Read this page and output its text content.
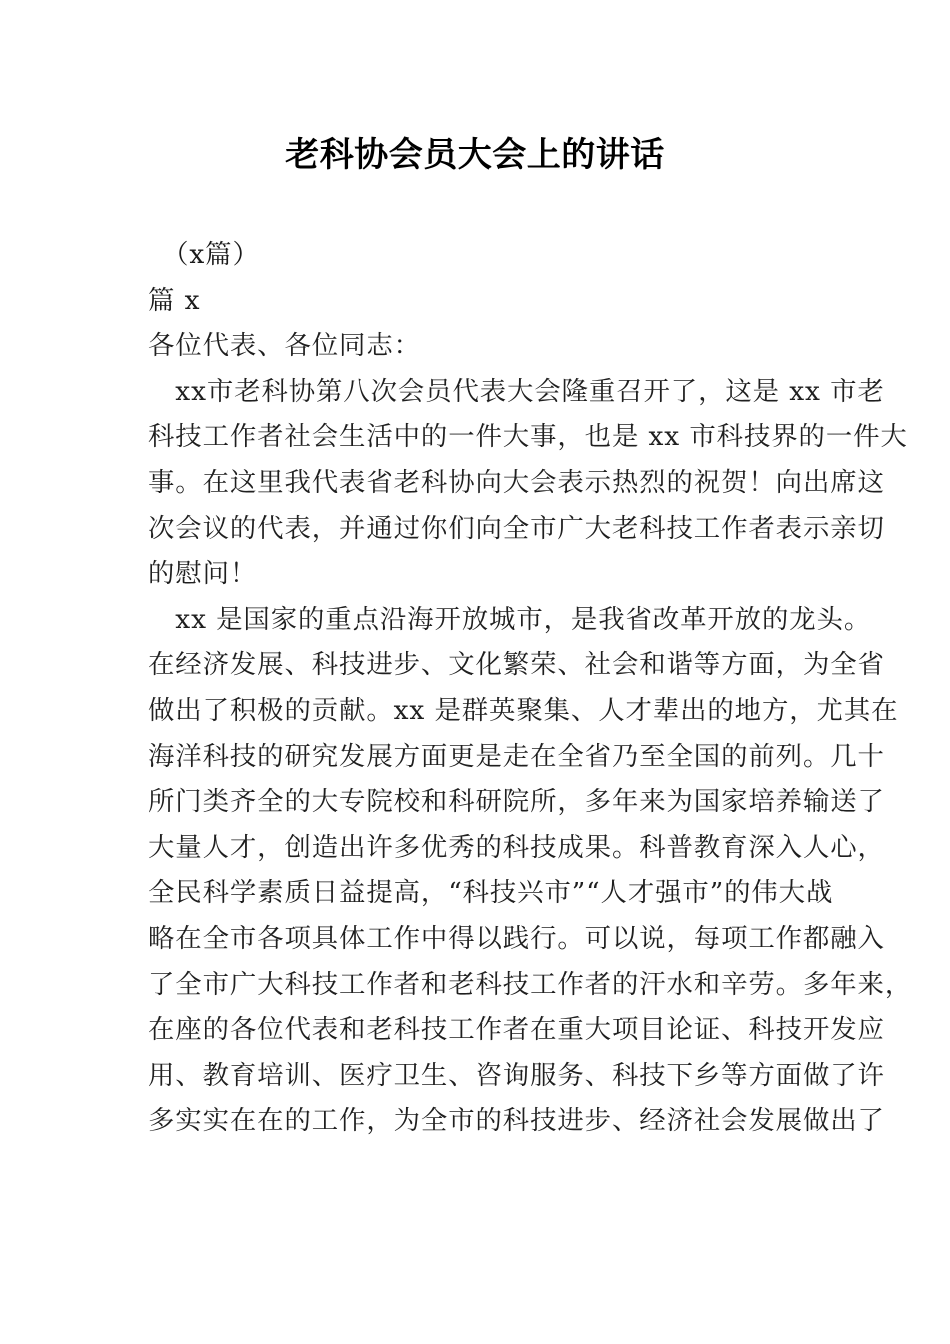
老科协会员大会上的讲话
　（x篇）
篇 x
各位代表、各位同志：
　xx市老科协第八次会员代表大会隆重召开了，这是 xx 市老
科技工作者社会生活中的一件大事，也是 xx 市科技界的一件大
事。在这里我代表省老科协向大会表示热烈的祝贺！向出席这
次会议的代表，并通过你们向全市广大老科技工作者表示亲切
的慰问！
　xx 是国家的重点沿海开放城市，是我省改革开放的龙头。
在经济发展、科技进步、文化繁荣、社会和谐等方面，为全省
做出了积极的贡献。xx 是群英聚集、人才辈出的地方，尤其在
海洋科技的研究发展方面更是走在全省乃至全国的前列。几十
所门类齐全的大专院校和科研院所，多年来为国家培养输送了
大量人才，创造出许多优秀的科技成果。科普教育深入人心，
全民科学素质日益提高，“科技兴市”“人才强市”的伟大战
略在全市各项具体工作中得以践行。可以说，每项工作都融入
了全市广大科技工作者和老科技工作者的汗水和辛劳。多年来，
在座的各位代表和老科技工作者在重大项目论证、科技开发应
用、教育培训、医疗卫生、咨询服务、科技下乡等方面做了许
多实实在在的工作，为全市的科技进步、经济社会发展做出了
